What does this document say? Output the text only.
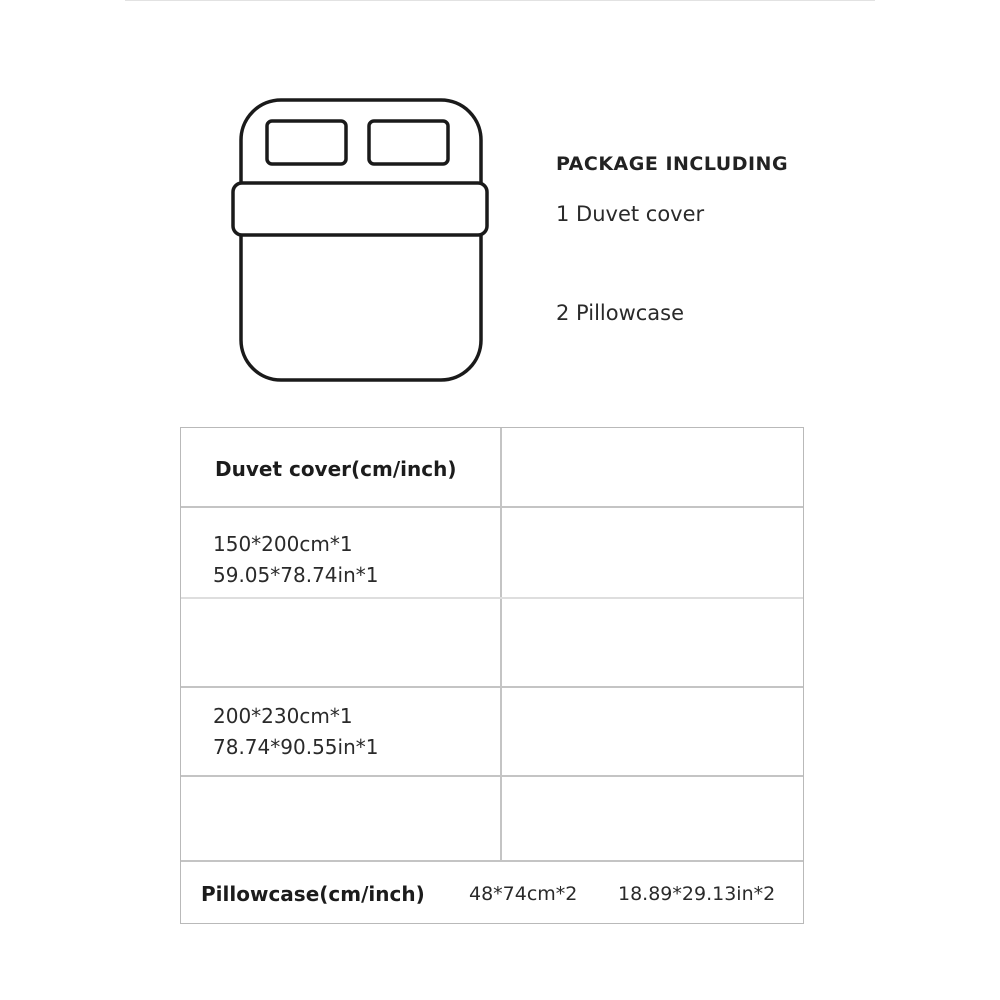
PACKAGE INCLUDING
1 Duvet cover
2 Pillowcase
Duvet cover(cm/inch)
150*200cm*1
59.05*78.74in*1
200*230cm*1
78.74*90.55in*1
Pillowcase(cm/inch) 48*74cm*2 18.89*29.13in*2
